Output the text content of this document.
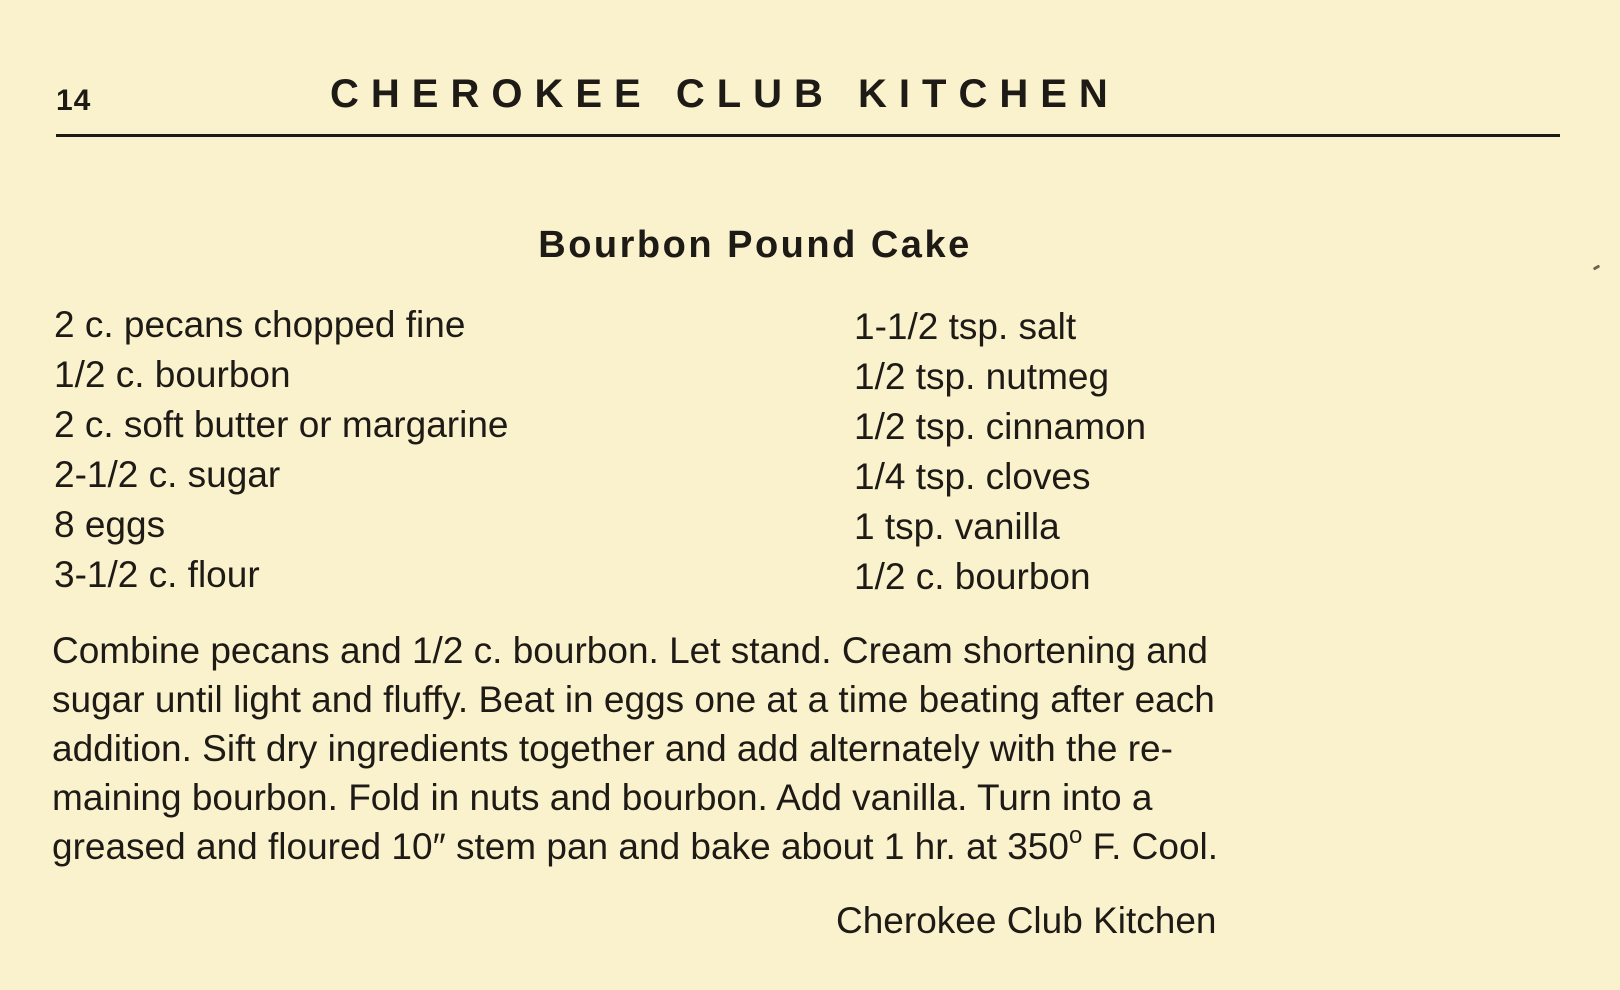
14	CHEROKEE CLUB KITCHEN
Bourbon Pound Cake
2 c. pecans chopped fine
1/2 c. bourbon
2 c. soft butter or margarine
2-1/2 c. sugar
8 eggs
3-1/2 c. flour
1-1/2 tsp. salt
1/2 tsp. nutmeg
1/2 tsp. cinnamon
1/4 tsp. cloves
1 tsp. vanilla
1/2 c. bourbon

Combine pecans and 1/2 c. bourbon. Let stand. Cream shortening and

sugar until light and fluffy. Beat in eggs one at a time beating after each

addition. Sift dry ingredients together and add alternately with the re-

maining bourbon. Fold in nuts and bourbon. Add vanilla. Turn into a

greased and floured 10″ stem pan and bake about 1 hr. at 350$^o$ F. Cool.

Cherokee Club Kitchen
